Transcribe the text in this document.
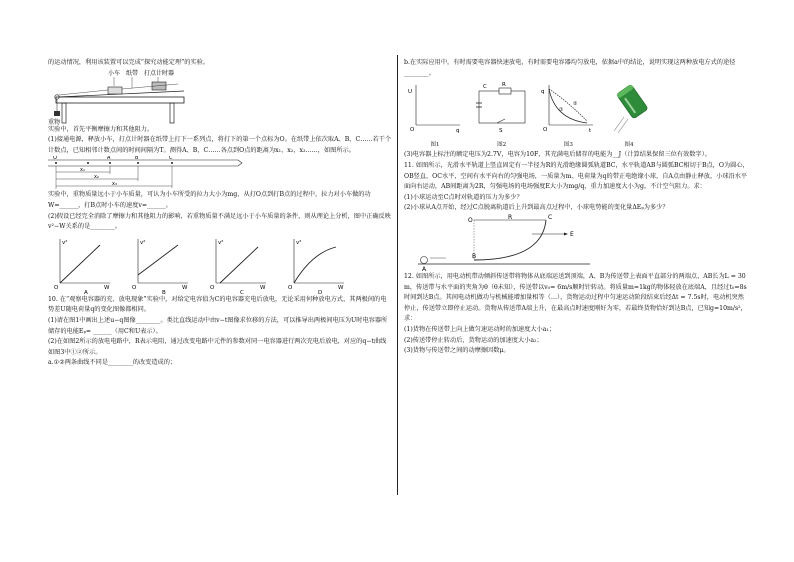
的运动情况，利用该装置可以完成“探究动能定理”的实验。

小车 纸带 打点计时器
重物

实验中，首先平衡摩擦力和其他阻力。

(1)接通电源，释放小车，打点计时器在纸带上打下一系列点，将打下的第一个点标为O。在纸带上依次取A、B、C……若干个计数点，已知相邻计数点间的时间间隔为T。测得A、B、C……各点到O点的距离为x₁、x₂、x₃……，如图所示。

O	A	B	C
x₁
x₂
x₃

实验中，重物质量远小于小车质量，可认为小车所受的拉力大小为mg，从打O点到打B点的过程中，拉力对小车做的功W=______，打B点时小车的速度v=______。

(2)假设已经完全消除了摩擦力和其他阻力的影响，若重物质量不满足远小于小车质量的条件，则从理论上分析，图中正确反映v²−W关系的是________。

v²
O	W
A
v²
O	W
B
v²
O	W
C
v²
O	W
D

10. 在“观察电容器的充、放电现象”实验中，对给定电容值为C的电容器充电后放电，无论采用何种放电方式，其两极间的电势差U随电荷量q的变化图像都相同。

(1)请在图1中画出上述u−q图像________。类比直线运动中由v−t图像求位移的方法，可以推导出两极间电压为U时电容器所储存的电能Eₚ= ______（用C和U表示）。

(2)在如图2所示的放电电路中，R表示电阻，通过改变电路中元件的参数对同一电容器进行两次充电后放电，对应的q−t曲线如图3中①②所示。

a.①②两条曲线不同是________的改变造成的；

b.在实际应用中，有时需要电容器快速放电，有时需要电容器均匀放电，依据a中的结论，说明实现这两种放电方式的途径________。

U
O	q
图1
C	R
S
图2
q
O	t
①
②
图3	图4

(3)电容器上标注的额定电压为2.7V，电容为10F，其充满电后储存的电能为__J（计算结果保留三位有效数字）。

11. 如图所示，光滑水平轨道上竖直固定有一半径为R的光滑绝缘圆弧轨道BC，水平轨道AB与圆弧BC相切于B点，O为圆心，OB竖直，OC水平，空间有水平向右的匀强电场，一质量为m、电荷量为q的带正电绝缘小球，自A点由静止释放，小球沿水平面向右运动，AB间距离为2R，匀强电场的电场强度E大小为mg/q，重力加速度大小为g，不计空气阻力。求：

(1)小球运动至C点时对轨道的压力为多少？

(2)小球从A点开始，经过C点脱离轨道后上升到最高点过程中，小球电势能的变化量ΔEₚ为多少？

O	R	C
E
B
A

12. 如图所示，用电动机带动倾斜传送带将物体从底端运送到顶端，A、B为传送带上表面平直部分的两端点，AB长为L = 30 m，传送带与水平面的夹角为θ（θ未知），传送带以v₀= 6m/s顺时针转动。将质量m=1kg的物体轻放在底端A，且经过t₀=8s时间到达B点。其间电动机做功与机械能增加量相等（…），货物运动过程中匀速运动阶段结束后经Δt = 7.5s时，电动机突然停止，传送带立即停止运动。货物从传送带A端上升，在最高点时速度刚好为零，若最终货物恰好到达B点，已知g=10m/s²，求：

(1)货物在传送带上向上做匀速运动时的加速度大小a₁；

(2)传送带停止转动后，货物运动的加速度大小a₂；

(3)货物与传送带之间的动摩擦因数μ。
